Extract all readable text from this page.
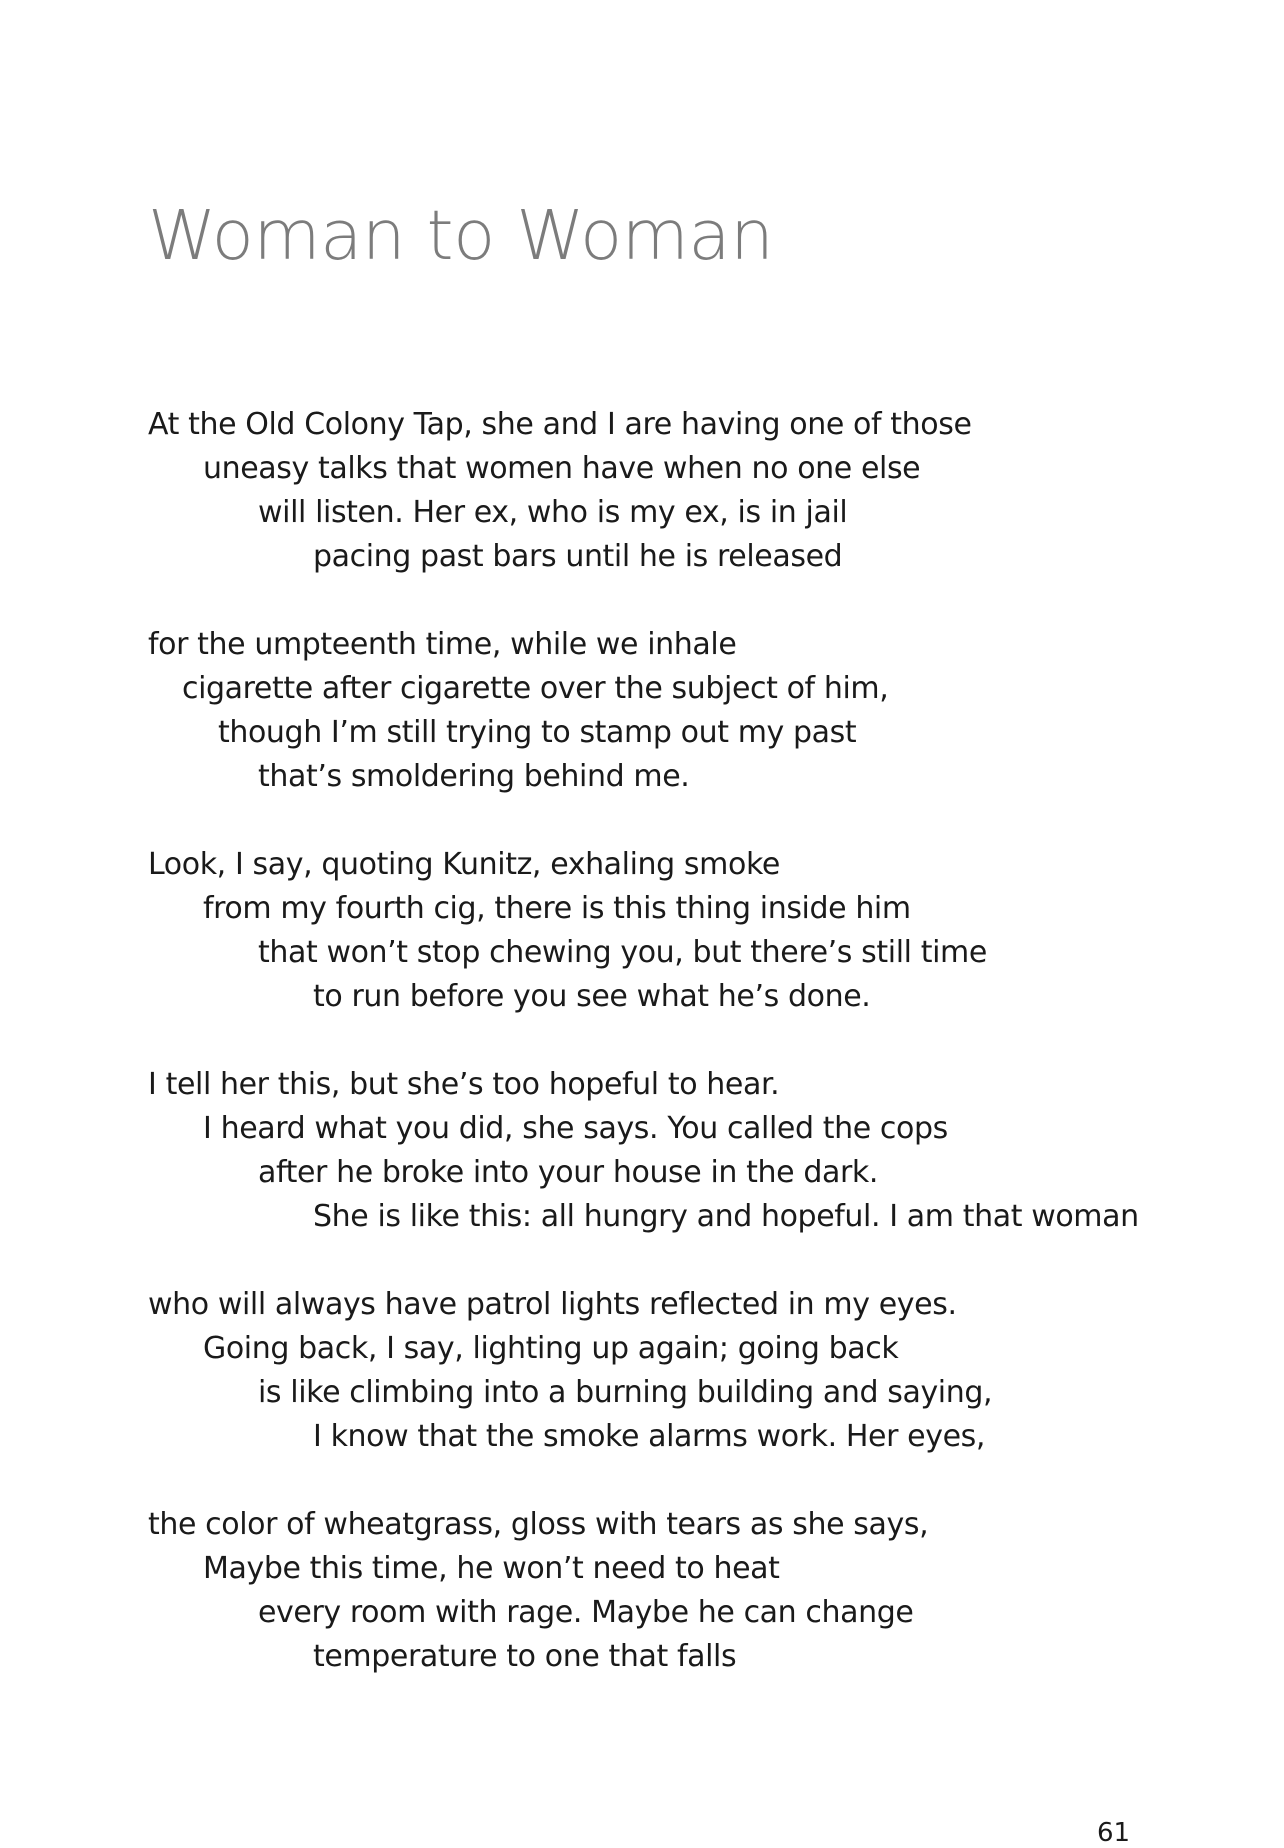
Woman to Woman
At the Old Colony Tap, she and I are having one of those
uneasy talks that women have when no one else
will listen. Her ex, who is my ex, is in jail
pacing past bars until he is released
for the umpteenth time, while we inhale
cigarette after cigarette over the subject of him,
though I’m still trying to stamp out my past
that’s smoldering behind me.
Look, I say, quoting Kunitz, exhaling smoke
from my fourth cig, there is this thing inside him
that won’t stop chewing you, but there’s still time
to run before you see what he’s done.
I tell her this, but she’s too hopeful to hear.
I heard what you did, she says. You called the cops
after he broke into your house in the dark.
She is like this: all hungry and hopeful. I am that woman
who will always have patrol lights reflected in my eyes.
Going back, I say, lighting up again; going back
is like climbing into a burning building and saying,
I know that the smoke alarms work. Her eyes,
the color of wheatgrass, gloss with tears as she says,
Maybe this time, he won’t need to heat
every room with rage. Maybe he can change
temperature to one that falls
61
